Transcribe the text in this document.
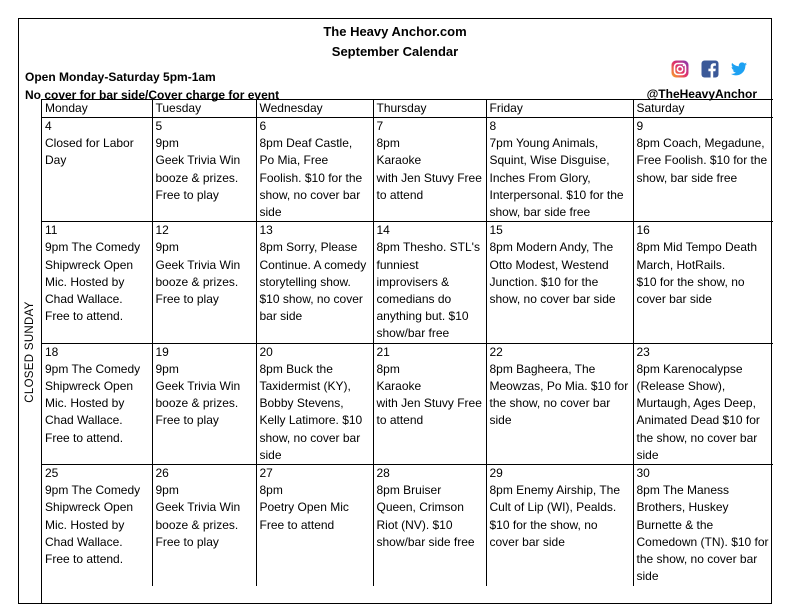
The Heavy Anchor.com
September Calendar
Open Monday-Saturday 5pm-1am
No cover for bar side/Cover charge for event	@TheHeavyAnchor
CLOSED SUNDAY
Monday	Tuesday	Wednesday	Thursday	Friday	Saturday

4
Closed for Labor Day	5
9pm
Geek Trivia Win booze & prizes. Free to play	6
8pm Deaf Castle, Po Mia, Free Foolish. $10 for the show, no cover bar side	7
8pm
Karaoke
with Jen Stuvy Free to attend	8
7pm Young Animals, Squint, Wise Disguise, Inches From Glory, Interpersonal. $10 for the show, bar side free	9
8pm Coach, Megadune, Free Foolish. $10 for the show, bar side free

11
9pm The Comedy Shipwreck Open Mic. Hosted by Chad Wallace. Free to attend.	12
9pm
Geek Trivia Win booze & prizes. Free to play	13
8pm Sorry, Please Continue. A comedy storytelling show. $10 show, no cover bar side	14
8pm Thesho. STL's funniest improvisers & comedians do anything but. $10 show/bar free	15
8pm Modern Andy, The Otto Modest, Westend Junction. $10 for the show, no cover bar side	16
8pm Mid Tempo Death March, HotRails.
$10 for the show, no cover bar side

18
9pm The Comedy Shipwreck Open Mic. Hosted by Chad Wallace. Free to attend.	19
9pm
Geek Trivia Win booze & prizes. Free to play	20
8pm Buck the Taxidermist (KY), Bobby Stevens, Kelly Latimore. $10 show, no cover bar side	21
8pm
Karaoke
with Jen Stuvy Free to attend	22
8pm Bagheera, The Meowzas, Po Mia. $10 for the show, no cover bar side	23
8pm Karenocalypse (Release Show), Murtaugh, Ages Deep, Animated Dead $10 for the show, no cover bar side

25
9pm The Comedy Shipwreck Open Mic. Hosted by Chad Wallace. Free to attend.	26
9pm
Geek Trivia Win booze & prizes. Free to play	27
8pm
Poetry Open Mic Free to attend	28
8pm Bruiser Queen, Crimson Riot (NV). $10 show/bar side free	29
8pm Enemy Airship, The Cult of Lip (WI), Pealds. $10 for the show, no cover bar side	30
8pm The Maness Brothers, Huskey Burnette & the Comedown (TN). $10 for the show, no cover bar side
